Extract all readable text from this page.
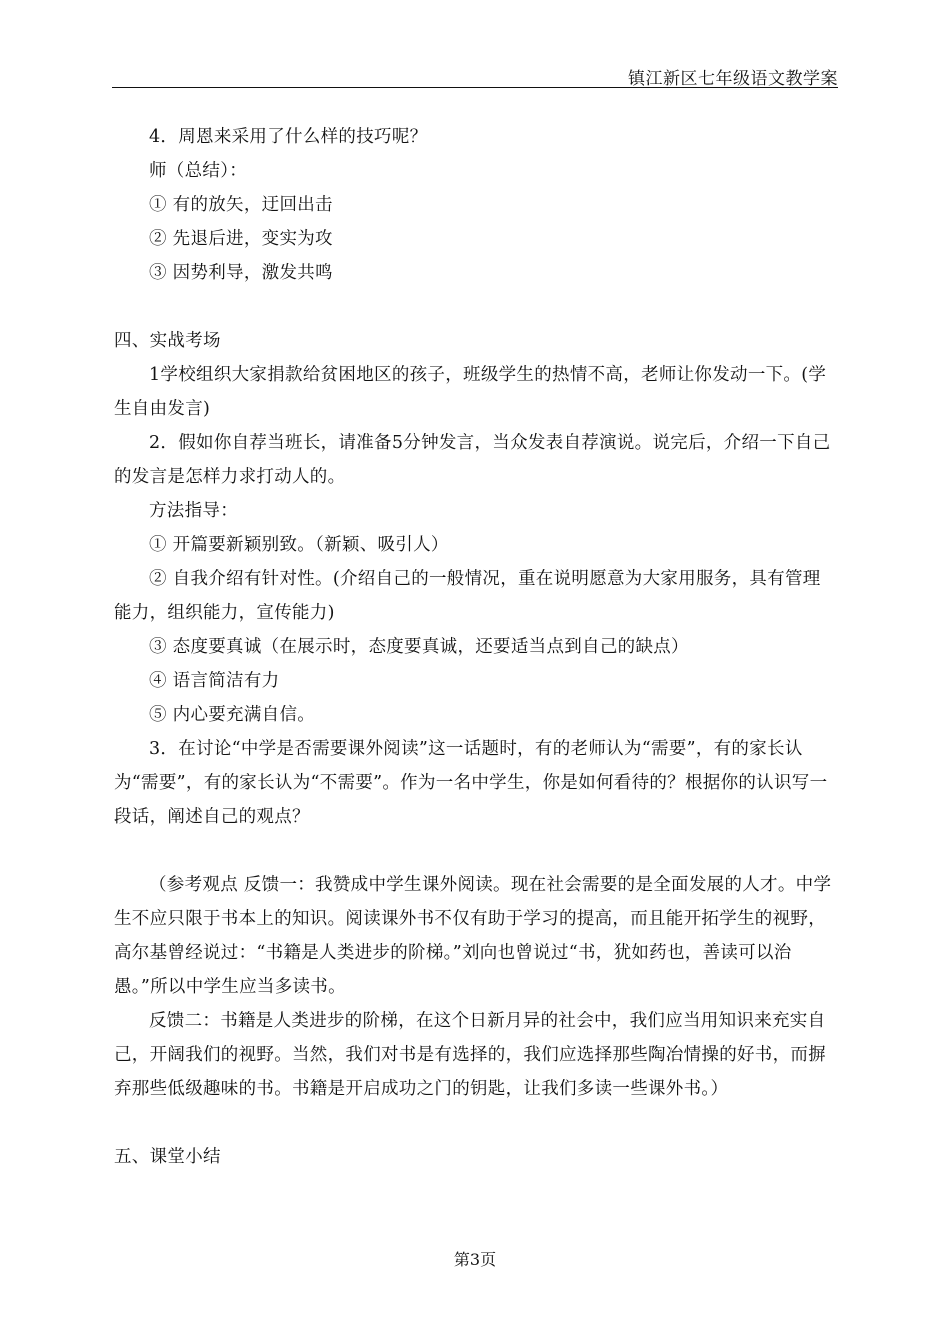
镇江新区七年级语文教学案

4．周恩来采用了什么样的技巧呢？

师（总结）：

① 有的放矢，迂回出击

② 先退后进，变实为攻

③ 因势利导，激发共鸣

四、实战考场

1学校组织大家捐款给贫困地区的孩子，班级学生的热情不高，老师让你发动一下。(学生自由发言)

2．假如你自荐当班长，请准备5分钟发言，当众发表自荐演说。说完后，介绍一下自己的发言是怎样力求打动人的。

方法指导：

① 开篇要新颖别致。（新颖、吸引人）

② 自我介绍有针对性。(介绍自己的一般情况，重在说明愿意为大家用服务，具有管理能力，组织能力，宣传能力)

③ 态度要真诚（在展示时，态度要真诚，还要适当点到自己的缺点）

④ 语言简洁有力

⑤ 内心要充满自信。

3．在讨论“中学是否需要课外阅读”这一话题时，有的老师认为“需要”，有的家长认为“需要”，有的家长认为“不需要”。作为一名中学生，你是如何看待的？根据你的认识写一段话，阐述自己的观点？

（参考观点 反馈一：我赞成中学生课外阅读。现在社会需要的是全面发展的人才。中学生不应只限于书本上的知识。阅读课外书不仅有助于学习的提高，而且能开拓学生的视野，高尔基曾经说过：“书籍是人类进步的阶梯。”刘向也曾说过“书，犹如药也，善读可以治愚。”所以中学生应当多读书。

反馈二：书籍是人类进步的阶梯，在这个日新月异的社会中，我们应当用知识来充实自己，开阔我们的视野。当然，我们对书是有选择的，我们应选择那些陶冶情操的好书，而摒弃那些低级趣味的书。书籍是开启成功之门的钥匙，让我们多读一些课外书。）

五、课堂小结

第3页
